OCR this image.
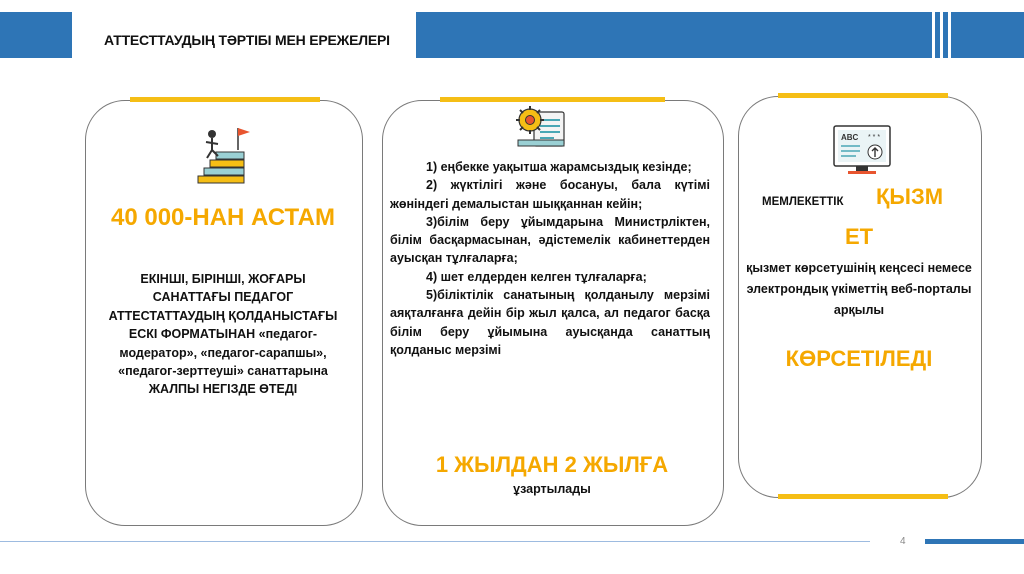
АТТЕСТТАУДЫҢ ТӘРТІБІ МЕН ЕРЕЖЕЛЕРІ
40 000-НАН АСТАМ
ЕКІНШІ, БІРІНШІ, ЖОҒАРЫ САНАТТАҒЫ ПЕДАГОГ АТТЕСТАТТАУДЫҢ ҚОЛДАНЫСТАҒЫ ЕСКІ ФОРМАТЫНАН «педагог-модератор», «педагог-сарапшы», «педагог-зерттеуші» санаттарына ЖАЛПЫ НЕГІЗДЕ ӨТЕДІ

1) еңбекке уақытша жарамсыздық кезінде;

2) жүктілігі және босануы, бала күтімі жөніндегі демалыстан шыққаннан кейін;

3)білім беру ұйымдарына Министрліктен, білім басқармасынан, әдістемелік кабинеттерден ауысқан тұлғаларға;

4) шет елдерден келген тұлғаларға;

5)біліктілік санатының қолданылу мерзімі аяқталғанға дейін бір жыл қалса, ал педагог басқа білім беру ұйымына ауысқанда санаттың қолданыс мерзімі

1 ЖЫЛДАН 2 ЖЫЛҒА
ұзартылады
ABC * * *
МЕМЛЕКЕТТІК ҚЫЗМ
ЕТ
қызмет көрсетушінің кеңсесі немесе электрондық үкіметтің веб-порталы арқылы
КӨРСЕТІЛЕДІ
4
